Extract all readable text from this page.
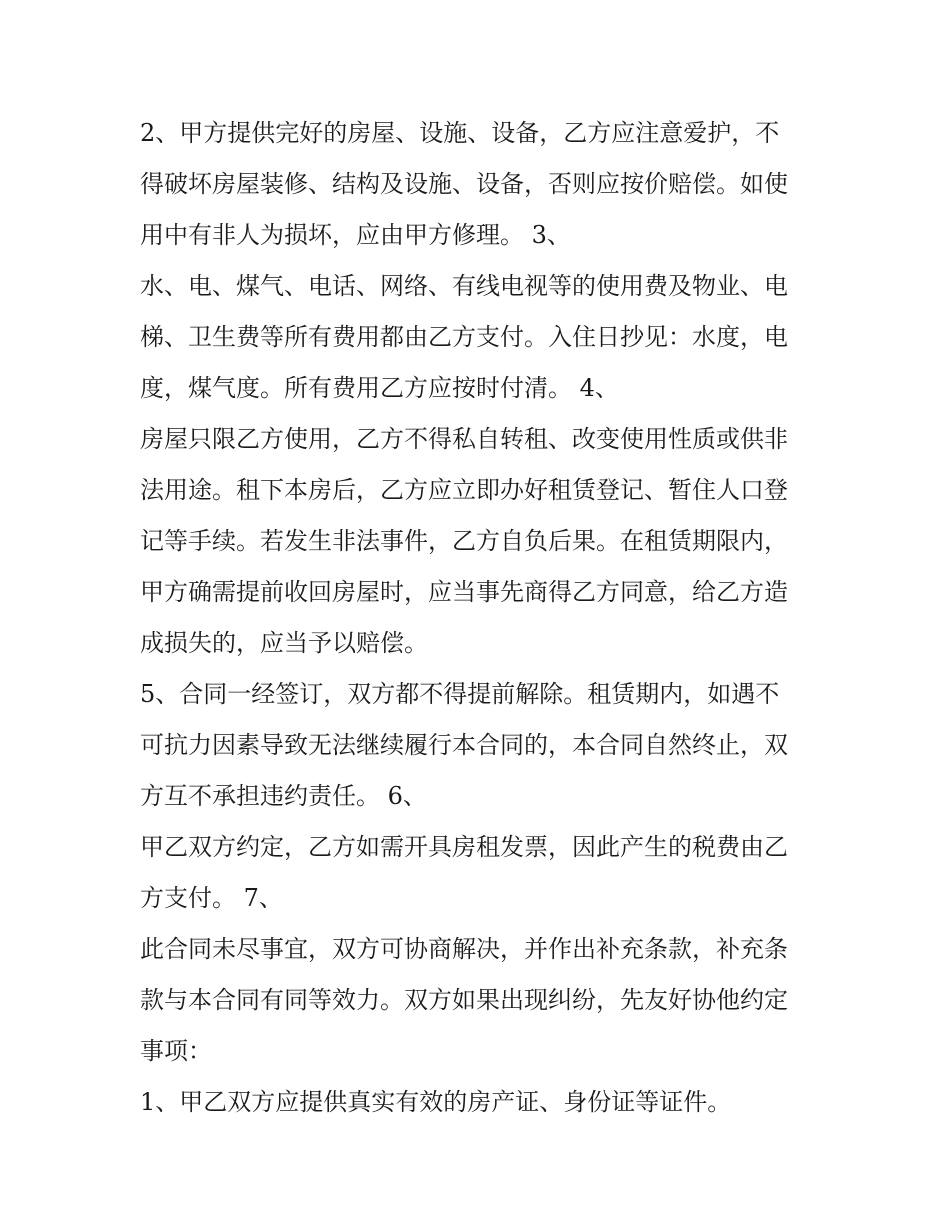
2、甲方提供完好的房屋、设施、设备，乙方应注意爱护，不
得破坏房屋装修、结构及设施、设备，否则应按价赔偿。如使
用中有非人为损坏，应由甲方修理。 3、
水、电、煤气、电话、网络、有线电视等的使用费及物业、电
梯、卫生费等所有费用都由乙方支付。入住日抄见：水度，电
度，煤气度。所有费用乙方应按时付清。 4、
房屋只限乙方使用，乙方不得私自转租、改变使用性质或供非
法用途。租下本房后，乙方应立即办好租赁登记、暂住人口登
记等手续。若发生非法事件，乙方自负后果。在租赁期限内，
甲方确需提前收回房屋时，应当事先商得乙方同意，给乙方造
成损失的，应当予以赔偿。
5、合同一经签订，双方都不得提前解除。租赁期内，如遇不
可抗力因素导致无法继续履行本合同的，本合同自然终止，双
方互不承担违约责任。 6、
甲乙双方约定，乙方如需开具房租发票，因此产生的税费由乙
方支付。 7、
此合同未尽事宜，双方可协商解决，并作出补充条款，补充条
款与本合同有同等效力。双方如果出现纠纷，先友好协他约定
事项：
1、甲乙双方应提供真实有效的房产证、身份证等证件。
